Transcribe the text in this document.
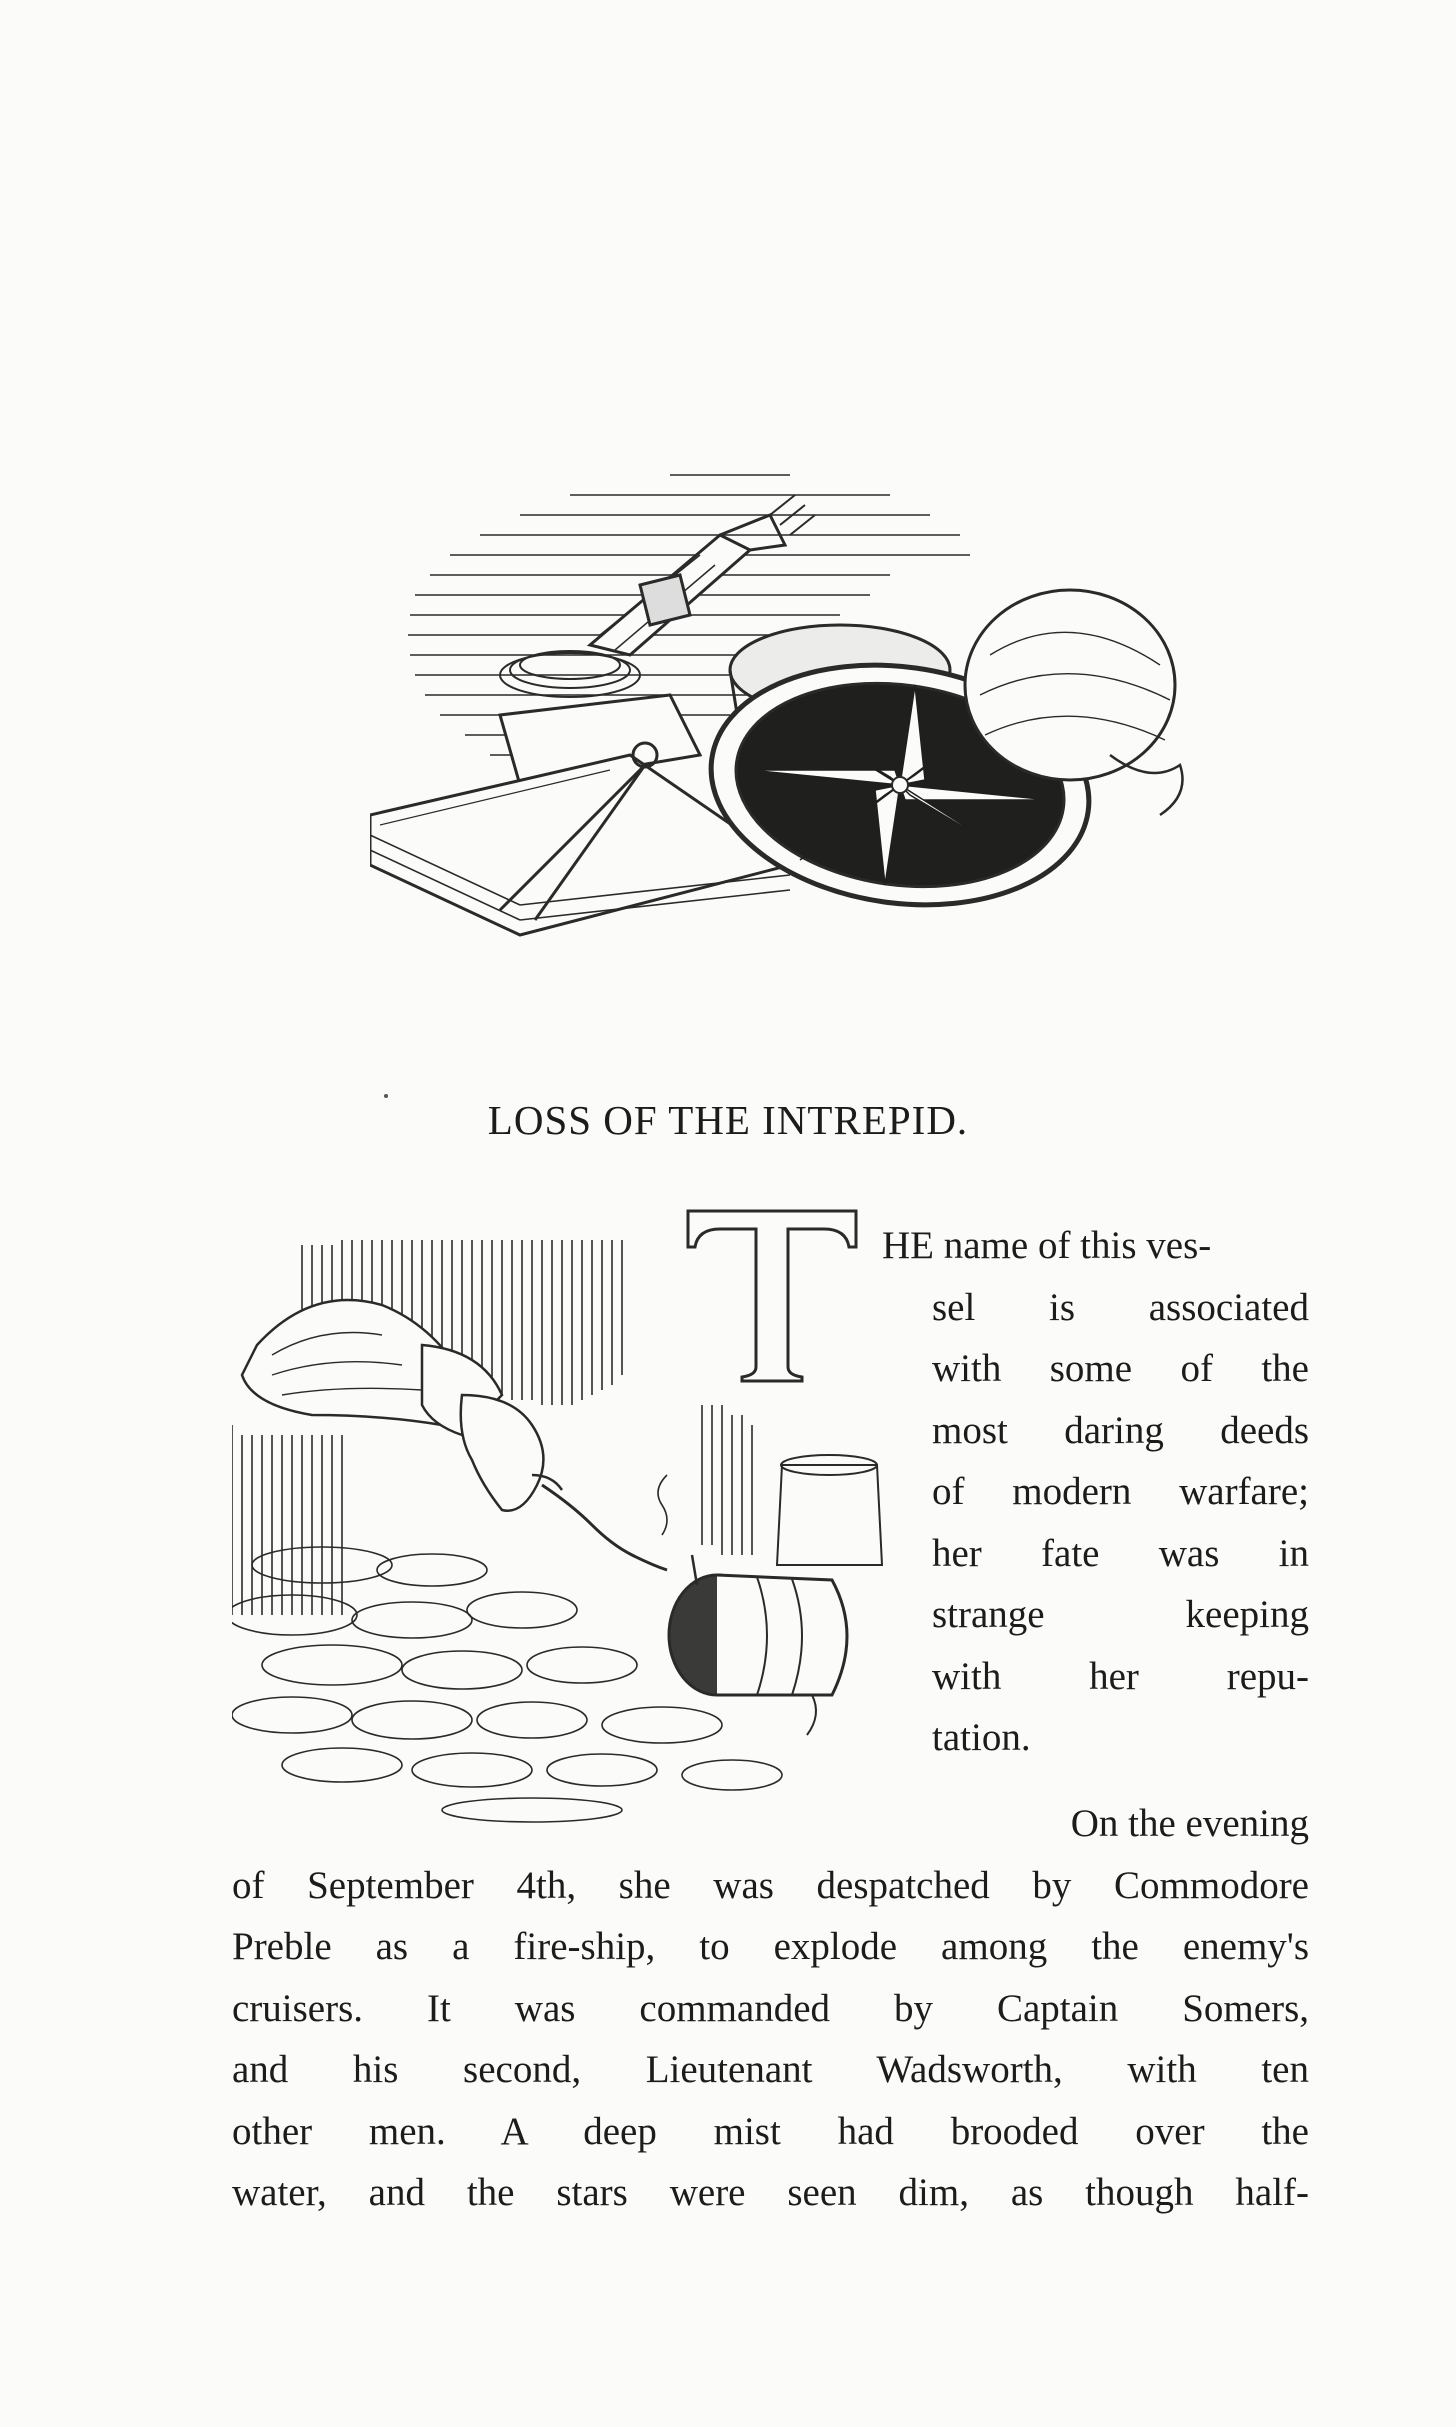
LOSS OF THE INTREPID.
HE name of this ves-
sel is associated
with some of the
most daring deeds
of modern warfare;
her fate was in
strange keeping
with her repu-
tation.
On the evening
of September 4th, she was despatched by Commodore
Preble as a fire-ship, to explode among the enemy's
cruisers. It was commanded by Captain Somers,
and his second, Lieutenant Wadsworth, with ten
other men. A deep mist had brooded over the
water, and the stars were seen dim, as though half-
